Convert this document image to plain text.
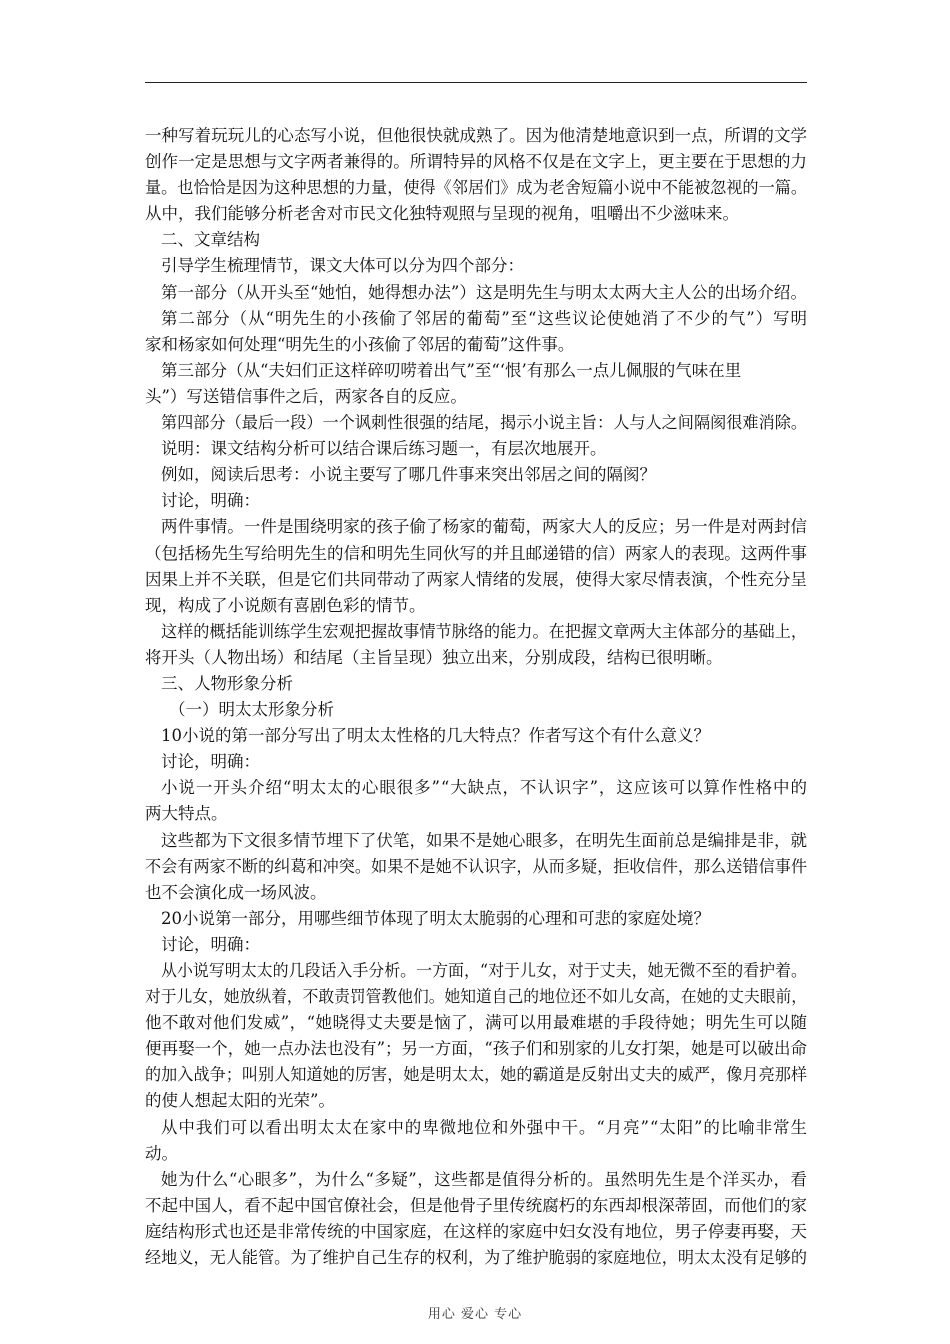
一种写着玩玩儿的心态写小说，但他很快就成熟了。因为他清楚地意识到一点，所谓的文学
创作一定是思想与文字两者兼得的。所谓特异的风格不仅是在文字上，更主要在于思想的力
量。也恰恰是因为这种思想的力量，使得《邻居们》成为老舍短篇小说中不能被忽视的一篇。
从中，我们能够分析老舍对市民文化独特观照与呈现的视角，咀嚼出不少滋味来。
二、文章结构
引导学生梳理情节，课文大体可以分为四个部分：
第一部分（从开头至“她怕，她得想办法”）这是明先生与明太太两大主人公的出场介绍。
第二部分（从“明先生的小孩偷了邻居的葡萄”至“这些议论使她消了不少的气”）写明
家和杨家如何处理“明先生的小孩偷了邻居的葡萄”这件事。
第三部分（从“夫妇们正这样碎叨唠着出气”至“‘恨’有那么一点儿佩服的气味在里
头”）写送错信事件之后，两家各自的反应。
第四部分（最后一段）一个讽刺性很强的结尾，揭示小说主旨：人与人之间隔阂很难消除。
说明：课文结构分析可以结合课后练习题一，有层次地展开。
例如，阅读后思考：小说主要写了哪几件事来突出邻居之间的隔阂？
讨论，明确：
两件事情。一件是围绕明家的孩子偷了杨家的葡萄，两家大人的反应；另一件是对两封信
（包括杨先生写给明先生的信和明先生同伙写的并且邮递错的信）两家人的表现。这两件事
因果上并不关联，但是它们共同带动了两家人情绪的发展，使得大家尽情表演，个性充分呈
现，构成了小说颇有喜剧色彩的情节。
这样的概括能训练学生宏观把握故事情节脉络的能力。在把握文章两大主体部分的基础上，
将开头（人物出场）和结尾（主旨呈现）独立出来，分别成段，结构已很明晰。
三、人物形象分析
（一）明太太形象分析
10小说的第一部分写出了明太太性格的几大特点？作者写这个有什么意义？
讨论，明确：
小说一开头介绍“明太太的心眼很多”“大缺点，不认识字”，这应该可以算作性格中的
两大特点。
这些都为下文很多情节埋下了伏笔，如果不是她心眼多，在明先生面前总是编排是非，就
不会有两家不断的纠葛和冲突。如果不是她不认识字，从而多疑，拒收信件，那么送错信事件
也不会演化成一场风波。
20小说第一部分，用哪些细节体现了明太太脆弱的心理和可悲的家庭处境？
讨论，明确：
从小说写明太太的几段话入手分析。一方面，“对于儿女，对于丈夫，她无微不至的看护着。
对于儿女，她放纵着，不敢责罚管教他们。她知道自己的地位还不如儿女高，在她的丈夫眼前，
他不敢对他们发威”，“她晓得丈夫要是恼了，满可以用最难堪的手段待她；明先生可以随
便再娶一个，她一点办法也没有”；另一方面，“孩子们和别家的儿女打架，她是可以破出命
的加入战争；叫别人知道她的厉害，她是明太太，她的霸道是反射出丈夫的威严，像月亮那样
的使人想起太阳的光荣”。
从中我们可以看出明太太在家中的卑微地位和外强中干。“月亮”“太阳”的比喻非常生
动。
她为什么“心眼多”，为什么“多疑”，这些都是值得分析的。虽然明先生是个洋买办，看
不起中国人，看不起中国官僚社会，但是他骨子里传统腐朽的东西却根深蒂固，而他们的家
庭结构形式也还是非常传统的中国家庭，在这样的家庭中妇女没有地位，男子停妻再娶，天
经地义，无人能管。为了维护自己生存的权利，为了维护脆弱的家庭地位，明太太没有足够的
用心 爱心 专心
